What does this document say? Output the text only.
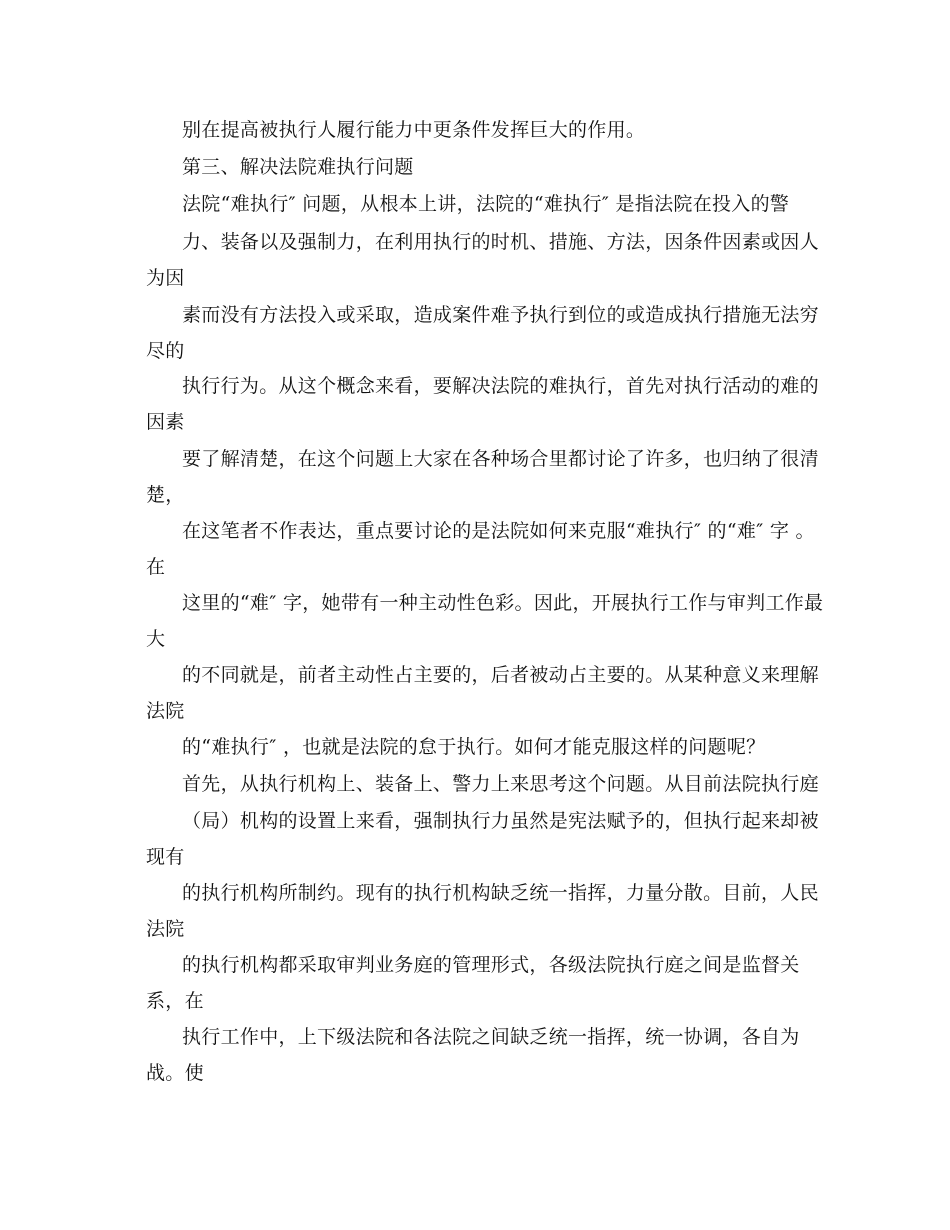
别在提高被执行人履行能力中更条件发挥巨大的作用。
第三、解决法院难执行问题
法院“难执行″ 问题，从根本上讲，法院的“难执行″ 是指法院在投入的警
力、装备以及强制力，在利用执行的时机、措施、方法，因条件因素或因人
为因
素而没有方法投入或采取，造成案件难予执行到位的或造成执行措施无法穷
尽的
执行行为。从这个概念来看，要解决法院的难执行，首先对执行活动的难的
因素
要了解清楚，在这个问题上大家在各种场合里都讨论了许多，也归纳了很清
楚，
在这笔者不作表达，重点要讨论的是法院如何来克服“难执行″ 的“难″ 字 。
在
这里的“难″ 字，她带有一种主动性色彩。因此，开展执行工作与审判工作最
大
的不同就是，前者主动性占主要的，后者被动占主要的。从某种意义来理解
法院
的“难执行″ ，也就是法院的怠于执行。如何才能克服这样的问题呢？
首先，从执行机构上、装备上、警力上来思考这个问题。从目前法院执行庭
（局）机构的设置上来看，强制执行力虽然是宪法赋予的，但执行起来却被
现有
的执行机构所制约。现有的执行机构缺乏统一指挥，力量分散。目前，人民
法院
的执行机构都采取审判业务庭的管理形式，各级法院执行庭之间是监督关
系，在
执行工作中，上下级法院和各法院之间缺乏统一指挥，统一协调，各自为
战。使
